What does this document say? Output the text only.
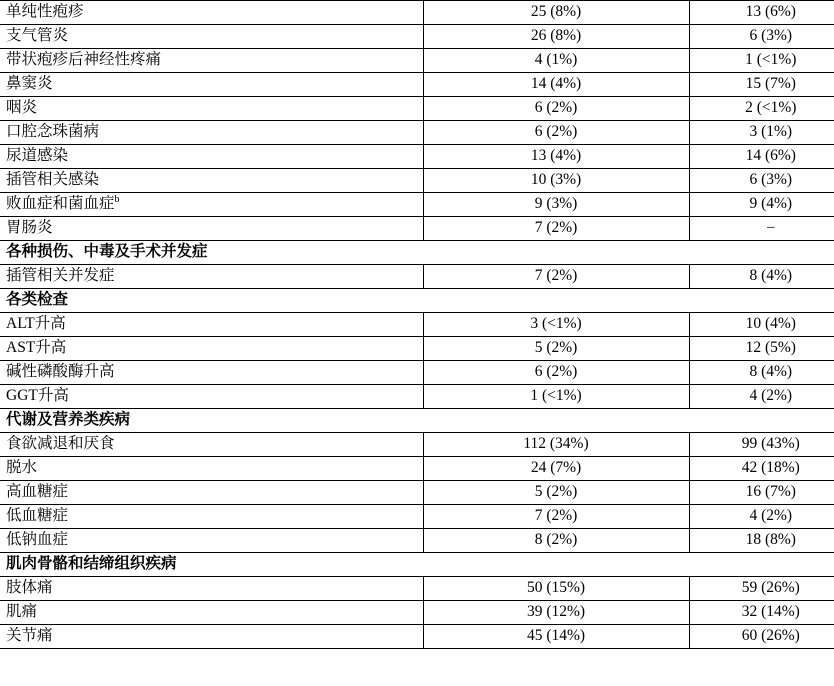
单纯性疱疹	25 (8%)	13 (6%)
支气管炎	26 (8%)	6 (3%)
带状疱疹后神经性疼痛	4 (1%)	1 (<1%)
鼻窦炎	14 (4%)	15 (7%)
咽炎	6 (2%)	2 (<1%)
口腔念珠菌病	6 (2%)	3 (1%)
尿道感染	13 (4%)	14 (6%)
插管相关感染	10 (3%)	6 (3%)
败血症和菌血症$^b$	9 (3%)	9 (4%)
胃肠炎	7 (2%)	–
各种损伤、中毒及手术并发症		
插管相关并发症	7 (2%)	8 (4%)
各类检查		
ALT升高	3 (<1%)	10 (4%)
AST升高	5 (2%)	12 (5%)
碱性磷酸酶升高	6 (2%)	8 (4%)
GGT升高	1 (<1%)	4 (2%)
代谢及营养类疾病		
食欲减退和厌食	112 (34%)	99 (43%)
脱水	24 (7%)	42 (18%)
高血糖症	5 (2%)	16 (7%)
低血糖症	7 (2%)	4 (2%)
低钠血症	8 (2%)	18 (8%)
肌肉骨骼和结缔组织疾病		
肢体痛	50 (15%)	59 (26%)
肌痛	39 (12%)	32 (14%)
关节痛	45 (14%)	60 (26%)
